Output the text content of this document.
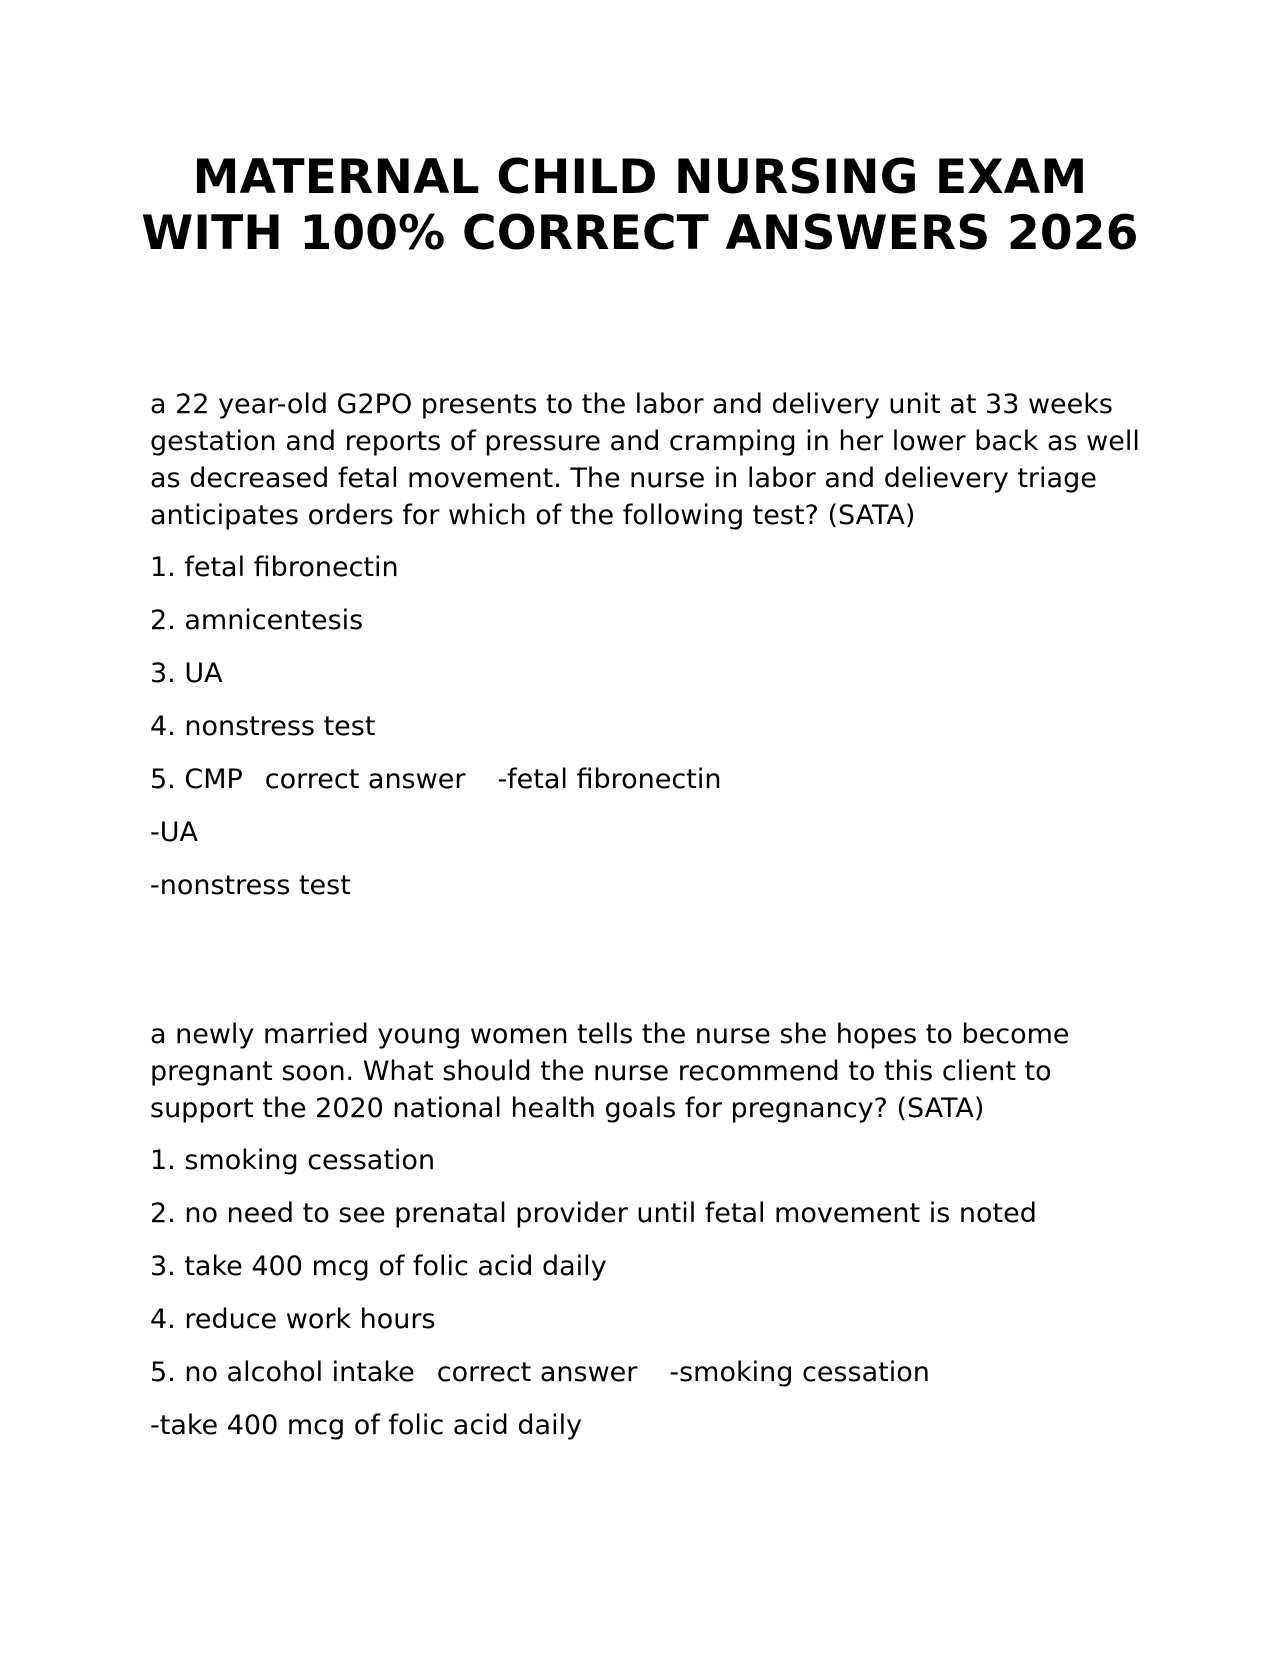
MATERNAL CHILD NURSING EXAM
WITH 100% CORRECT ANSWERS 2026

a 22 year-old G2PO presents to the labor and delivery unit at 33 weeks gestation and reports of pressure and cramping in her lower back as well as decreased fetal movement. The nurse in labor and delievery triage anticipates orders for which of the following test? (SATA)

1. fetal fibronectin
2. amnicentesis
3. UA
4. nonstress test
5. CMP correct answer -fetal fibronectin
-UA
-nonstress test

a newly married young women tells the nurse she hopes to become pregnant soon. What should the nurse recommend to this client to support the 2020 national health goals for pregnancy? (SATA)

1. smoking cessation
2. no need to see prenatal provider until fetal movement is noted
3. take 400 mcg of folic acid daily
4. reduce work hours
5. no alcohol intake correct answer -smoking cessation
-take 400 mcg of folic acid daily
